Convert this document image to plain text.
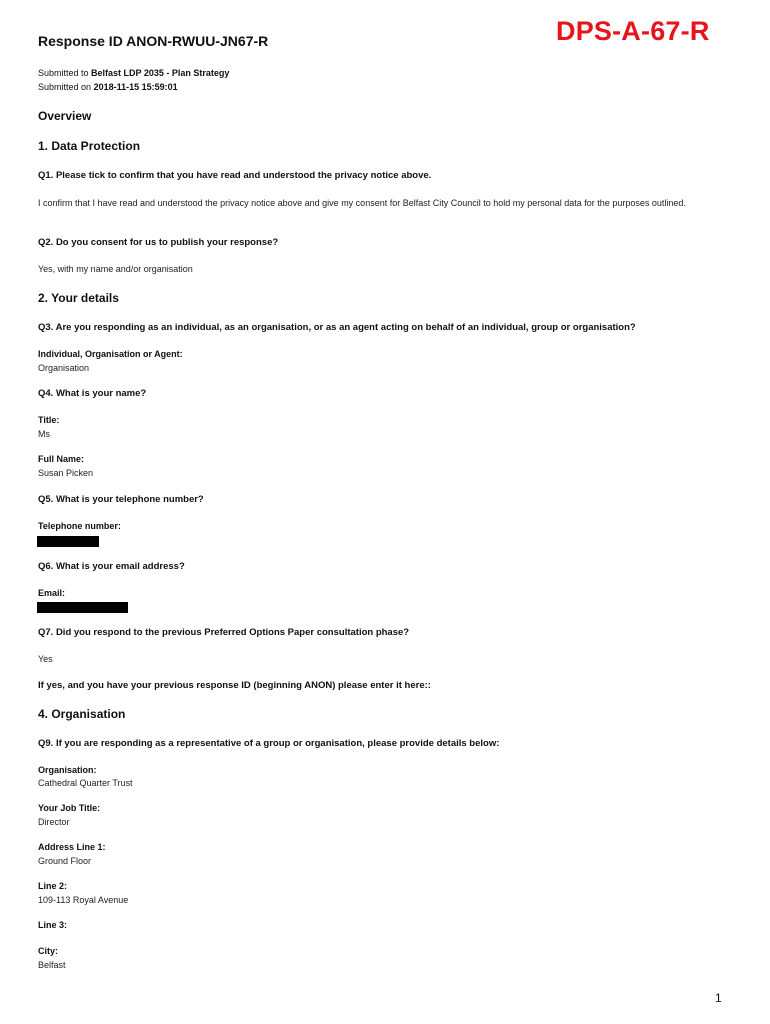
DPS-A-67-R
Response ID ANON-RWUU-JN67-R
Submitted to Belfast LDP 2035 - Plan Strategy
Submitted on 2018-11-15 15:59:01
Overview
1. Data Protection
Q1. Please tick to confirm that you have read and understood the privacy notice above.
I confirm that I have read and understood the privacy notice above and give my consent for Belfast City Council to hold my personal data for the purposes outlined.
Q2. Do you consent for us to publish your response?
Yes, with my name and/or organisation
2. Your details
Q3. Are you responding as an individual, as an organisation, or as an agent acting on behalf of an individual, group or organisation?
Individual, Organisation or Agent:
Organisation
Q4. What is your name?
Title:
Ms
Full Name:
Susan Picken
Q5. What is your telephone number?
Telephone number:
Q6. What is your email address?
Email:
Q7. Did you respond to the previous Preferred Options Paper consultation phase?
Yes
If yes, and you have your previous response ID (beginning ANON) please enter it here::
4. Organisation
Q9. If you are responding as a representative of a group or organisation, please provide details below:
Organisation:
Cathedral Quarter Trust
Your Job Title:
Director
Address Line 1:
Ground Floor
Line 2:
109-113 Royal Avenue
Line 3:
City:
Belfast
1
